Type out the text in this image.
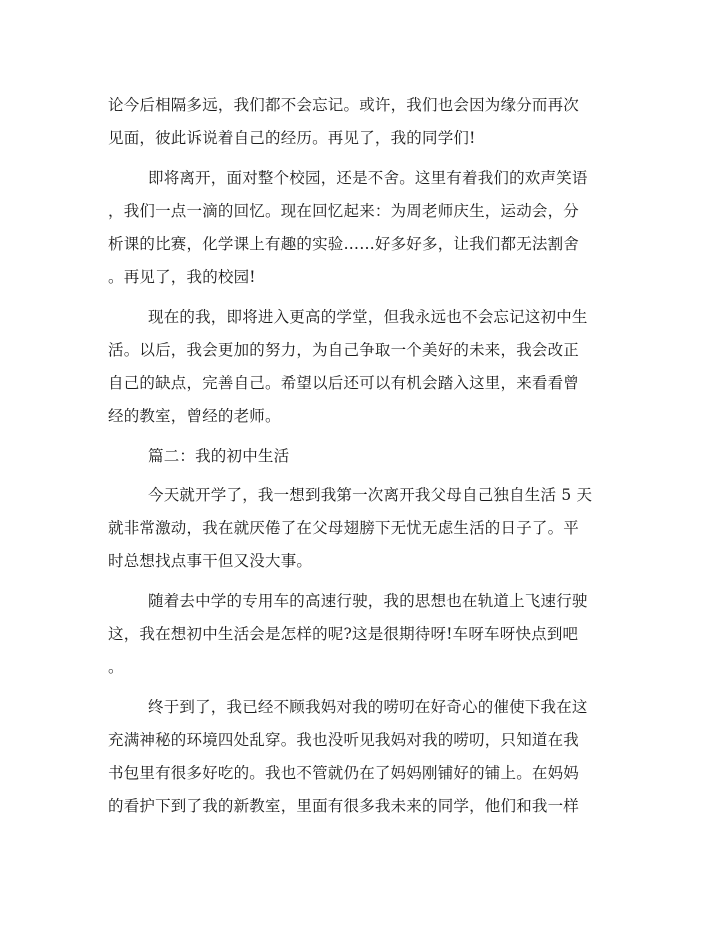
论今后相隔多远，我们都不会忘记。或许，我们也会因为缘分而再次
见面，彼此诉说着自己的经历。再见了，我的同学们!
即将离开，面对整个校园，还是不舍。这里有着我们的欢声笑语
，我们一点一滴的回忆。现在回忆起来：为周老师庆生，运动会，分
析课的比赛，化学课上有趣的实验……好多好多，让我们都无法割舍
。再见了，我的校园!
现在的我，即将进入更高的学堂，但我永远也不会忘记这初中生
活。以后，我会更加的努力，为自己争取一个美好的未来，我会改正
自己的缺点，完善自己。希望以后还可以有机会踏入这里，来看看曾
经的教室，曾经的老师。
篇二：我的初中生活
今天就开学了，我一想到我第一次离开我父母自己独自生活 5 天
就非常激动，我在就厌倦了在父母翅膀下无忧无虑生活的日子了。平
时总想找点事干但又没大事。
随着去中学的专用车的高速行驶，我的思想也在轨道上飞速行驶
这，我在想初中生活会是怎样的呢?这是很期待呀!车呀车呀快点到吧
。
终于到了，我已经不顾我妈对我的唠叨在好奇心的催使下我在这
充满神秘的环境四处乱穿。我也没听见我妈对我的唠叨，只知道在我
书包里有很多好吃的。我也不管就仍在了妈妈刚铺好的铺上。在妈妈
的看护下到了我的新教室，里面有很多我未来的同学，他们和我一样
